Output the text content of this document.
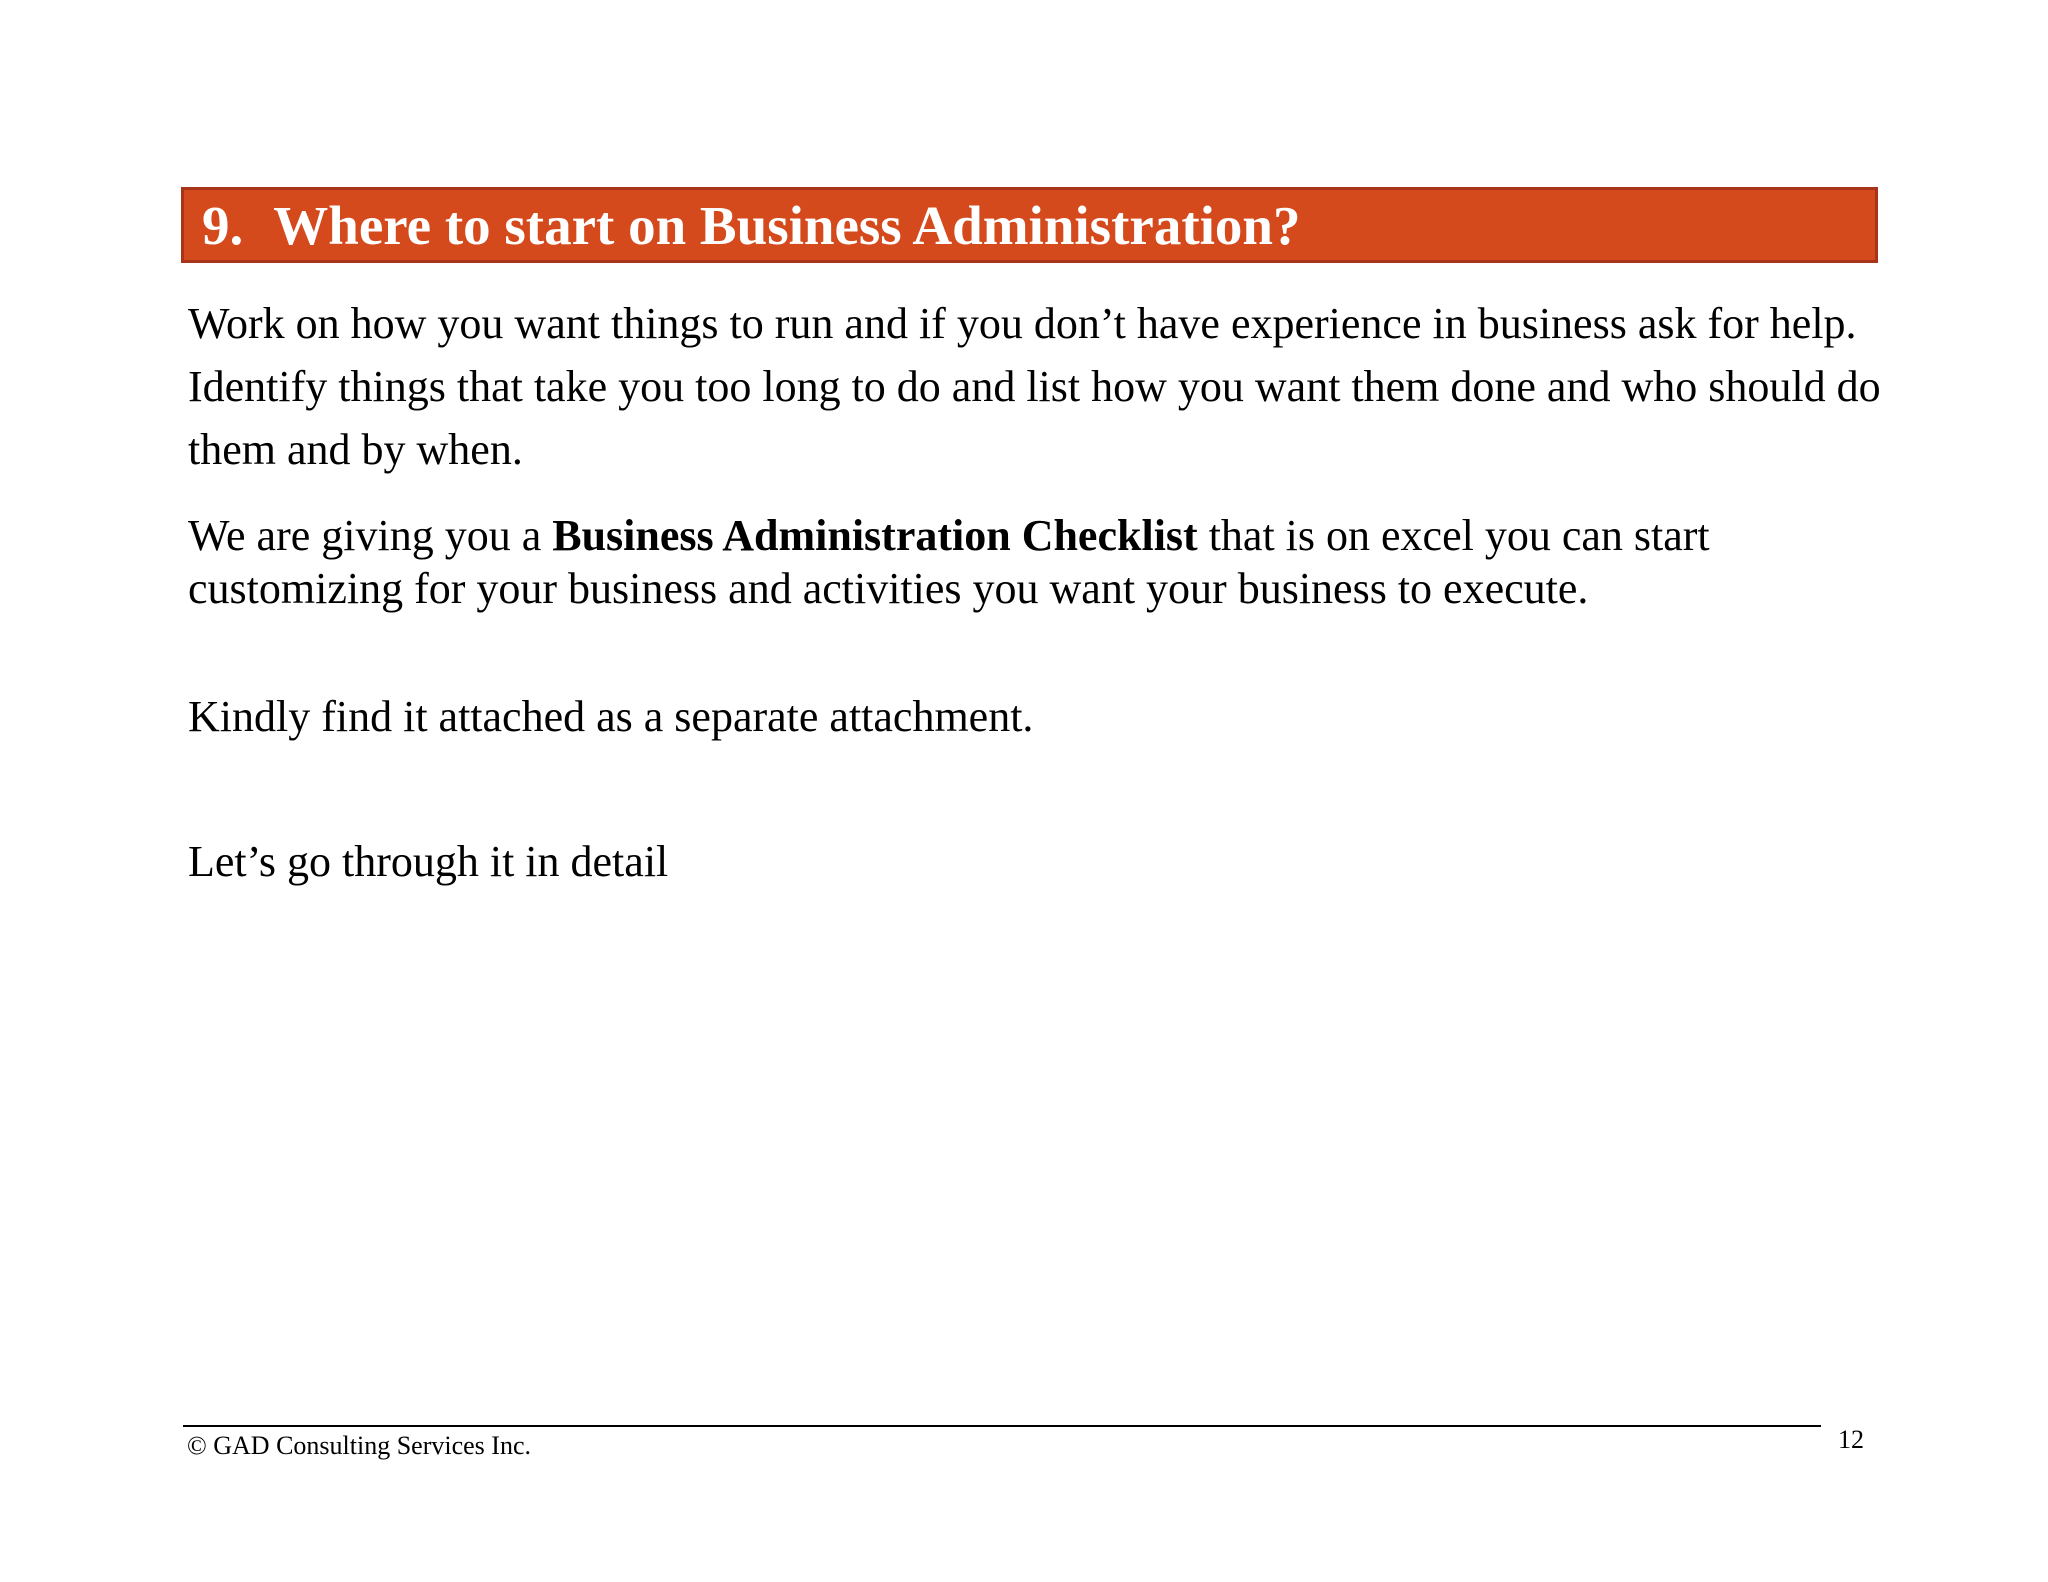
9. Where to start on Business Administration?

Work on how you want things to run and if you don’t have experience in business ask for help. Identify things that take you too long to do and list how you want them done and who should do them and by when.

We are giving you a Business Administration Checklist that is on excel you can start customizing for your business and activities you want your business to execute.

Kindly find it attached as a separate attachment.

Let’s go through it in detail

© GAD Consulting Services Inc.	12
